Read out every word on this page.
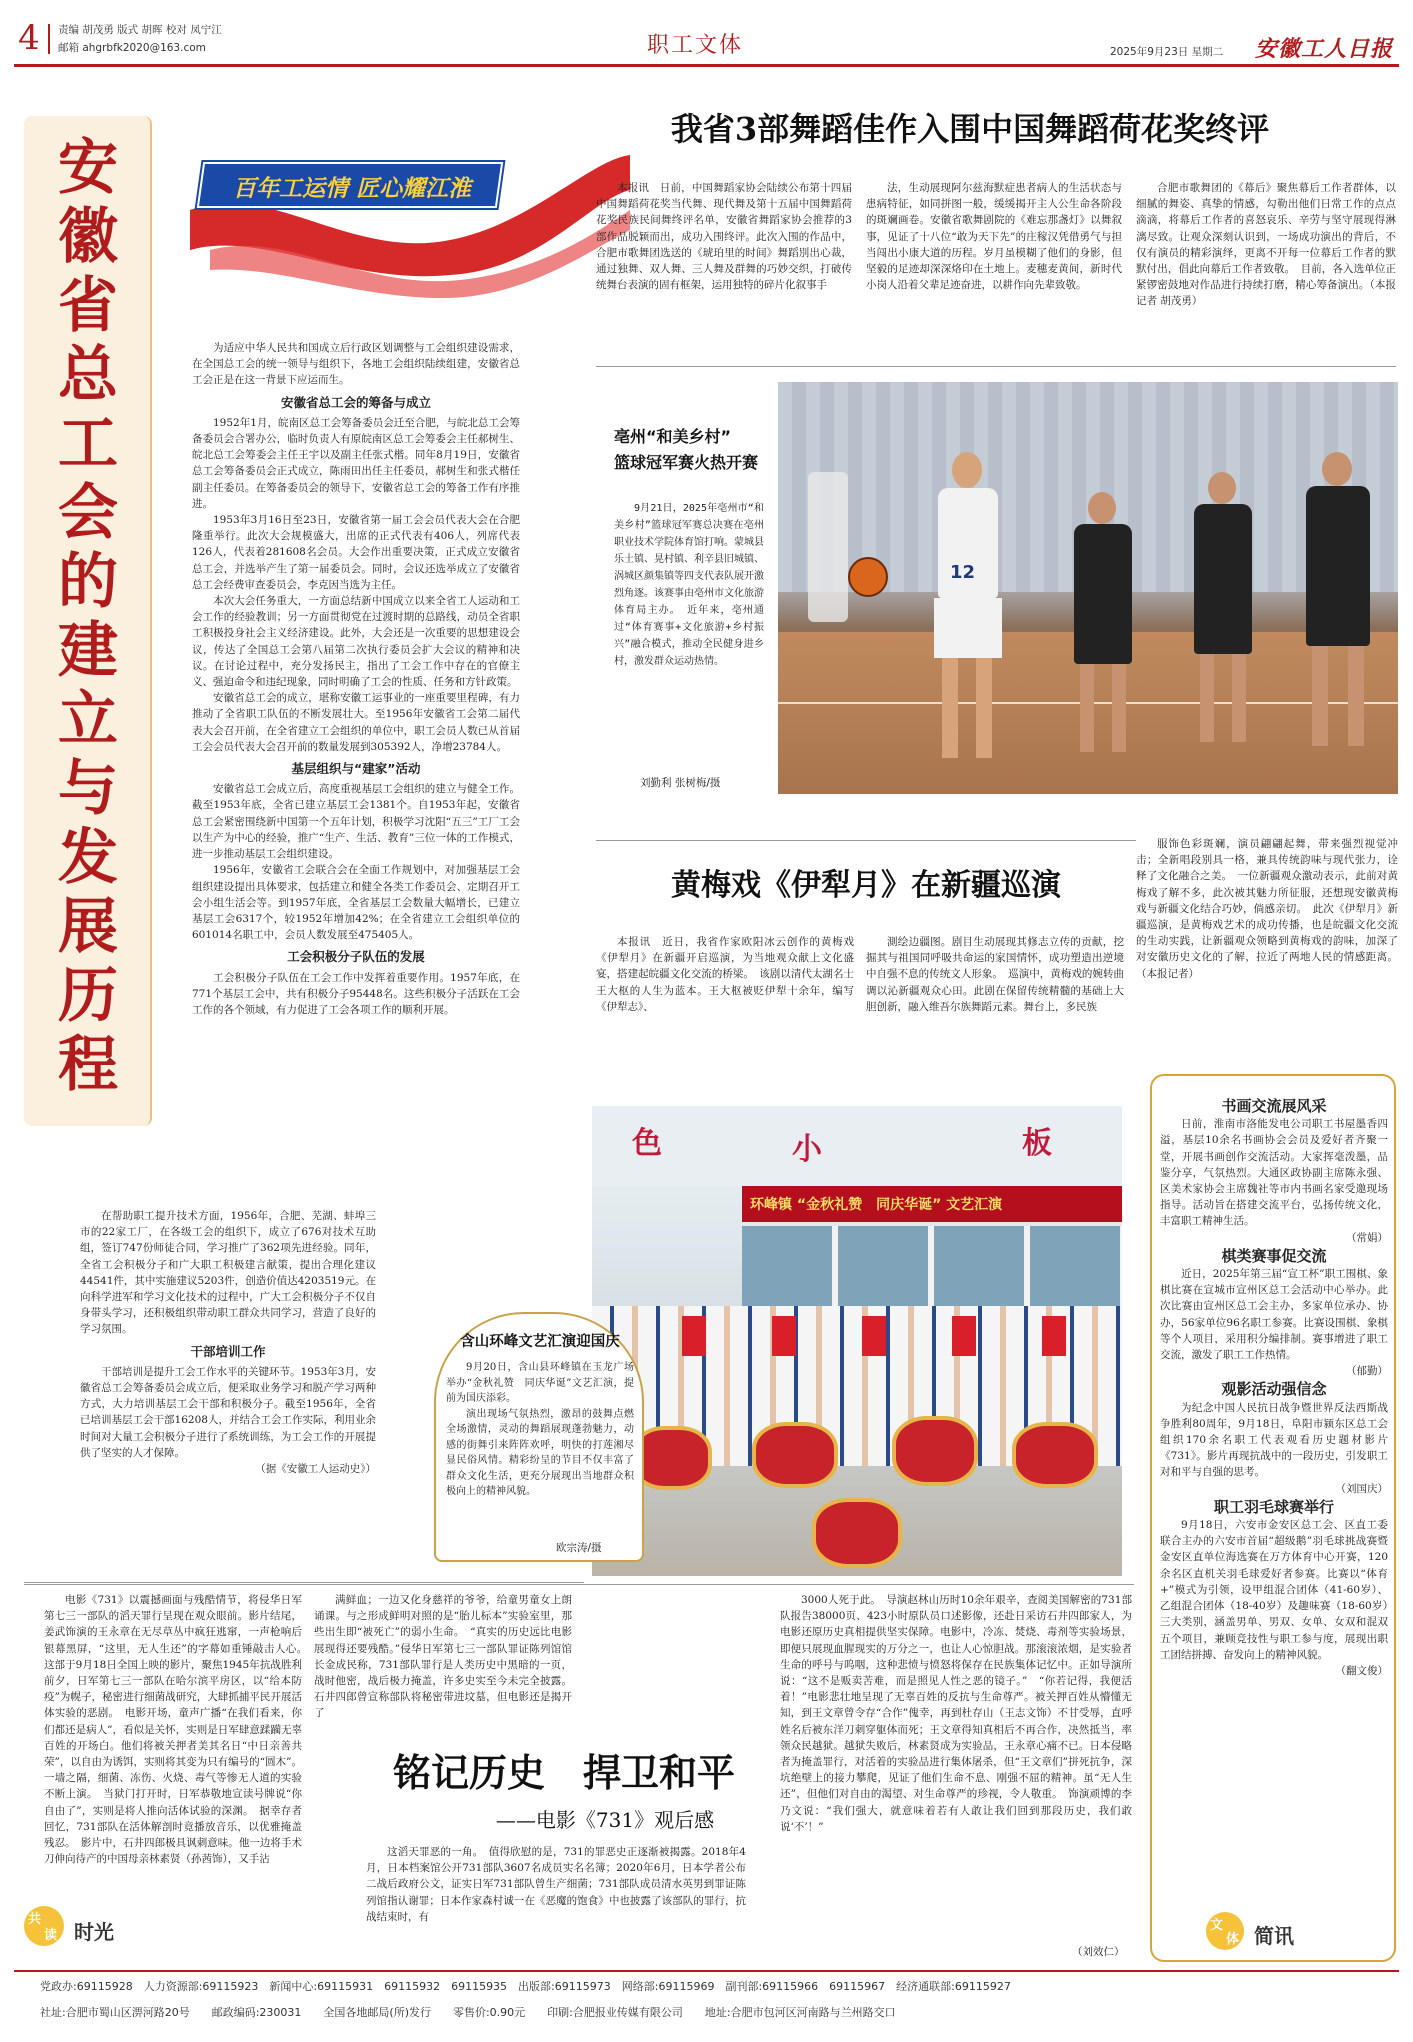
4	责编 胡茂勇 版式 胡晖 校对 凤宁江
邮箱 ahgrbfk2020@163.com	职工文体	2025年9月23日 星期二 安徽工人日报
安
徽
省
总
工
会
的
建
立
与
发
展
历
程
百年工运情 匠心耀江淮

为适应中华人民共和国成立后行政区划调整与工会组织建设需求，在全国总工会的统一领导与组织下，各地工会组织陆续组建，安徽省总工会正是在这一背景下应运而生。

安徽省总工会的筹备与成立

1952年1月，皖南区总工会筹备委员会迁至合肥，与皖北总工会筹备委员会合署办公，临时负责人有原皖南区总工会筹委会主任郝树生、皖北总工会筹委会主任王宇以及副主任张式楷。同年8月19日，安徽省总工会筹备委员会正式成立，陈雨田出任主任委员，郝树生和张式楷任副主任委员。在筹备委员会的领导下，安徽省总工会的筹备工作有序推进。

1953年3月16日至23日，安徽省第一届工会会员代表大会在合肥隆重举行。此次大会规模盛大，出席的正式代表有406人，列席代表126人，代表着281608名会员。大会作出重要决策，正式成立安徽省总工会，并选举产生了第一届委员会。同时，会议还选举成立了安徽省总工会经费审查委员会，李克因当选为主任。

本次大会任务重大，一方面总结新中国成立以来全省工人运动和工会工作的经验教训；另一方面贯彻党在过渡时期的总路线，动员全省职工积极投身社会主义经济建设。此外，大会还是一次重要的思想建设会议，传达了全国总工会第八届第二次执行委员会扩大会议的精神和决议。在讨论过程中，充分发扬民主，指出了工会工作中存在的官僚主义、强迫命令和违纪现象，同时明确了工会的性质、任务和方针政策。

安徽省总工会的成立，堪称安徽工运事业的一座重要里程碑，有力推动了全省职工队伍的不断发展壮大。至1956年安徽省工会第二届代表大会召开前，在全省建立工会组织的单位中，职工会员人数已从首届工会会员代表大会召开前的数量发展到305392人，净增23784人。

基层组织与“建家”活动

安徽省总工会成立后，高度重视基层工会组织的建立与健全工作。截至1953年底，全省已建立基层工会1381个。自1953年起，安徽省总工会紧密围绕新中国第一个五年计划，积极学习沈阳“五三”工厂工会以生产为中心的经验，推广“生产、生活、教育”三位一体的工作模式，进一步推动基层工会组织建设。

1956年，安徽省工会联合会在全面工作规划中，对加强基层工会组织建设提出具体要求，包括建立和健全各类工作委员会、定期召开工会小组生活会等。到1957年底，全省基层工会数量大幅增长，已建立基层工会6317个，较1952年增加42%；在全省建立工会组织单位的601014名职工中，会员人数发展至475405人。

工会积极分子队伍的发展

工会积极分子队伍在工会工作中发挥着重要作用。1957年底，在771个基层工会中，共有积极分子95448名。这些积极分子活跃在工会工作的各个领域，有力促进了工会各项工作的顺利开展。

在帮助职工提升技术方面，1956年，合肥、芜湖、蚌埠三市的22家工厂，在各级工会的组织下，成立了676对技术互助组，签订747份师徒合同，学习推广了362项先进经验。同年，全省工会积极分子和广大职工积极建言献策，提出合理化建议44541件，其中实施建议5203件，创造价值达4203519元。在向科学进军和学习文化技术的过程中，广大工会积极分子不仅自身带头学习，还积极组织带动职工群众共同学习，营造了良好的学习氛围。

干部培训工作

干部培训是提升工会工作水平的关键环节。1953年3月，安徽省总工会筹备委员会成立后，便采取业务学习和脱产学习两种方式，大力培训基层工会干部和积极分子。截至1956年，全省已培训基层工会干部16208人，并结合工会工作实际，利用业余时间对大量工会积极分子进行了系统训练，为工会工作的开展提供了坚实的人才保障。

（据《安徽工人运动史》）
我省3部舞蹈佳作入围中国舞蹈荷花奖终评

本报讯　日前，中国舞蹈家协会陆续公布第十四届中国舞蹈荷花奖当代舞、现代舞及第十五届中国舞蹈荷花奖民族民间舞终评名单，安徽省舞蹈家协会推荐的3部作品脱颖而出，成功入围终评。此次入围的作品中，合肥市歌舞团选送的《琥珀里的时间》舞蹈別出心裁，通过独舞、双人舞、三人舞及群舞的巧妙交织，打破传统舞台表演的固有框架，运用独特的碎片化叙事手

法，生动展现阿尔兹海默症患者病人的生活状态与患病特征，如同拼图一般，缓缓揭开主人公生命各阶段的斑斓画卷。安徽省歌舞剧院的《难忘那盏灯》以舞叙事，见证了十八位“敢为天下先”的庄稼汉凭借勇气与担当闯出小康大道的历程。岁月虽模糊了他们的身影，但坚毅的足迹却深深烙印在土地上。麦穗麦黄间，新时代小岗人沿着父辈足迹奋进，以耕作向先辈致敬。

合肥市歌舞团的《幕后》聚焦幕后工作者群体，以细腻的舞姿、真挚的情感，勾勒出他们日常工作的点点滴滴，将幕后工作者的喜怒哀乐、辛劳与坚守展现得淋漓尽致。让观众深刻认识到，一场成功演出的背后，不仅有演员的精彩演绎，更离不开每一位幕后工作者的默默付出，倡此向幕后工作者致敬。　目前，各入选单位正紧锣密鼓地对作品进行持续打磨，精心筹备演出。（本报记者 胡茂勇）

亳州“和美乡村”
篮球冠军赛火热开赛

9月21日，2025年亳州市“和美乡村”篮球冠军赛总决赛在亳州职业技术学院体育馆打响。蒙城县乐土镇、晃村镇、利辛县旧城镇、涡城区颜集镇等四支代表队展开激烈角逐。该赛事由亳州市文化旅游体育局主办。　近年来，亳州通过“体育赛事+文化旅游+乡村振兴”融合模式，推动全民健身进乡村，激发群众运动热情。

刘勤利 张树梅/摄
12
黄梅戏《伊犁月》在新疆巡演

本报讯　近日，我省作家欧阳冰云创作的黄梅戏《伊犁月》在新疆开启巡演，为当地观众献上文化盛宴，搭建起皖疆文化交流的桥梁。　该剧以清代太湖名士王大枢的人生为蓝本。王大枢被贬伊犁十余年，编写《伊犁志》、

測绘边疆图。剧目生动展现其修志立传的贡献，挖掘其与祖国同呼吸共命运的家国情怀，成功塑造出逆境中自强不息的传统文人形象。　巡演中，黄梅戏的婉转曲调以沁新疆观众心田。此剧在保留传统精髓的基础上大胆创新，融入维吾尔族舞蹈元素。舞台上，多民族

服饰色彩斑斓，演员翩翩起舞，带来强烈视觉冲击；全新唱段别具一格，兼具传统韵味与现代张力，诠释了文化融合之美。　一位新疆观众激动表示，此前对黄梅戏了解不多，此次被其魅力所征服，还想现安徽黄梅戏与新疆文化结合巧妙，倘感亲切。　此次《伊犁月》新疆巡演，是黄梅戏艺术的成功传播，也是皖疆文化交流的生动实践，让新疆观众领略到黄梅戏的韵味，加深了对安徽历史文化的了解，拉近了两地人民的情感距离。（本报记者）

色	小	板
环峰镇 “金秋礼赞　同庆华诞” 文艺汇演
含山环峰文艺汇演迎国庆

9月20日，含山县环峰镇在玉龙广场举办“金秋礼赞　同庆华诞”文艺汇演，提前为国庆添彩。

演出现场气氛热烈，激昂的鼓舞点燃全场激情，灵动的舞蹈展现蓬勃魅力，动感的街舞引来阵阵欢呼，明快的打莲湘尽显民俗风情。精彩纷呈的节目不仅丰富了群众文化生活，更充分展现出当地群众积极向上的精神风貌。

欧宗涛/摄
书画交流展风采

日前，淮南市洛能发电公司职工书屋墨香四溢，基层10余名书画协会会员及爱好者齐聚一堂，开展书画创作交流活动。大家挥毫泼墨，品鉴分享，气氛热烈。大通区政协副主席陈永强、区美术家协会主席魏社等市内书画名家受邀现场指导。活动旨在搭建交流平台，弘扬传统文化，丰富职工精神生活。

（常娟）
棋类赛事促交流

近日，2025年第三届“宣工杯”职工围棋、象棋比赛在宣城市宣州区总工会活动中心举办。此次比赛由宣州区总工会主办，多家单位承办、协办，56家单位96名职工参赛。比赛设围棋、象棋等个人项目，采用积分编排制。赛事增进了职工交流，激发了职工工作热情。

（郁勤）
观影活动强信念

为纪念中国人民抗日战争暨世界反法西斯战争胜利80周年，9月18日，阜阳市颍东区总工会组织170余名职工代表观看历史题材影片《731》。影片再现抗战中的一段历史，引发职工对和平与自强的思考。

（刘国庆）
职工羽毛球赛举行

9月18日，六安市金安区总工会、区直工委联合主办的六安市首届“超级鹅”羽毛球挑战赛暨金安区直单位海选赛在万方体育中心开赛，120余名区直机关羽毛球爱好者参赛。比赛以“体育+”模式为引领，设甲组混合团体（41-60岁）、乙组混合团体（18-40岁）及趣味赛（18-60岁）三大类别，涵盖男单、男双、女单、女双和混双五个项目，兼顾竞技性与职工参与度，展现出职工团结拼搏、奋发向上的精神风貌。

（翻文俊）
文
体 简讯

电影《731》以震撼画面与残酷情节，将侵华日军第七三一部队的滔天罪行呈现在观众眼前。影片结尾，姜武饰演的王永章在无尽草丛中疯狂逃窜，一声枪响后银幕黑屏，“这里，无人生还”的字幕如重锤敲击人心。　这部于9月18日全国上映的影片，聚焦1945年抗战胜利前夕，日军第七三一部队在哈尔滨平房区，以“给本防疫”为幌子，秘密进行细菌战研究，大肆抓捕平民开展活体实验的恶剧。　电影开场，童声广播“在我们看来，你们都还是病人”，看似是关怀，实则是日军肆意蹂躏无辜百姓的开场白。他们将被关押者美其名日“中日亲善共荣”，以自由为诱饵，实则将其变为只有编号的“圆木”。一墙之隔，细菌、冻伤、火烧、毒气等惨无人道的实验不断上演。　当狱门打开时，日军恭敬地宣读号牌说“你自由了”，实则是将人推向活体试验的深渊。　据幸存者回忆，731部队在活体解剖时竟播放音乐，以优雅掩盖残忍。　影片中，石井四郎极具讽刺意味。他一边将手术刀伸向待产的中国母亲林素贤（孙茜饰），又手沾

满鲜血；一边又化身慈祥的爷爷，给童男童女上朗诵课。与之形成鲜明对照的是“胎儿标本”实验室里，那些出生即“被死亡”的弱小生命。　“真实的历史远比电影展现得还要残酷。”侵华日军第七三一部队罪证陈列馆馆长金成民称，731部队罪行是人类历史中黑暗的一页，战时他密，战后极力掩盖，许多史实至今未完全披露。石井四郎曾宣称部队将秘密带进坟墓，但电影还是揭开了

铭记历史　捍卫和平
——电影《731》观后感

这滔天罪恶的一角。　值得欣慰的是，731的罪恶史正逐渐被揭露。2018年4月，日本档案馆公开731部队3607名成员实名名簿；2020年6月，日本学者公布二战后政府公文，证实日军731部队曾生产细菌；731部队成员清水英男到罪证陈列馆指认谢罪；日本作家森村诚一在《恶魔的饱食》中也披露了该部队的罪行，抗战结束时，有

3000人死于此。　导演赵林山历时10余年艰辛，查阅美国解密的731部队报告38000页、423小时原队员口述影像，还赴日采访石井四郎家人，为电影还原历史真相提供坚实保障。电影中，冷冻、焚烧、毒剂等实验场景，即便只展现血腥现实的万分之一，也让人心惊胆战。那滚滚浓烟，是实验者生命的呼号与呜咽，这种悲愤与愤怒将保存在民族集体记忆中。正如导演所说：“这不是贩卖苦难，而是照见人性之恶的镜子。”　“你若记得，我便活着！”电影悲壮地呈现了无辜百姓的反抗与生命尊严。被关押百姓从懵懂无知，到王文章曾令存“合作”傀幸，再到杜存山（王志文饰）不甘受辱，直呼姓名后被东洋刀刺穿躯体而死；王文章得知真相后不再合作，决然抵当，率领众民越狱。越狱失败后，林素贤成为实验品，王永章心痛不已。日本侵略者为掩盖罪行，对活着的实验品进行集体屠杀，但“王文章们”拼死抗争，深坑绝壁上的接力攀爬，见证了他们生命不息、刚强不屈的精神。虽“无人生还”，但他们对自由的渴望、对生命尊严的珍视，令人敬重。　饰演顽博的李乃文说：“我们强大，就意味着若有人敢让我们回到那段历史，我们敢说‘不’！”

（刘效仁）
共
读 时光
党政办:69115928　人力资源部:69115923　新闻中心:69115931　69115932　69115935　出版部:69115973　网络部:69115969　副刊部:69115966　69115967　经济通联部:69115927
社址:合肥市蜀山区淠河路20号　　邮政编码:230031　　全国各地邮局(所)发行　　零售价:0.90元　　印刷:合肥报业传媒有限公司　　地址:合肥市包河区河南路与兰州路交口
